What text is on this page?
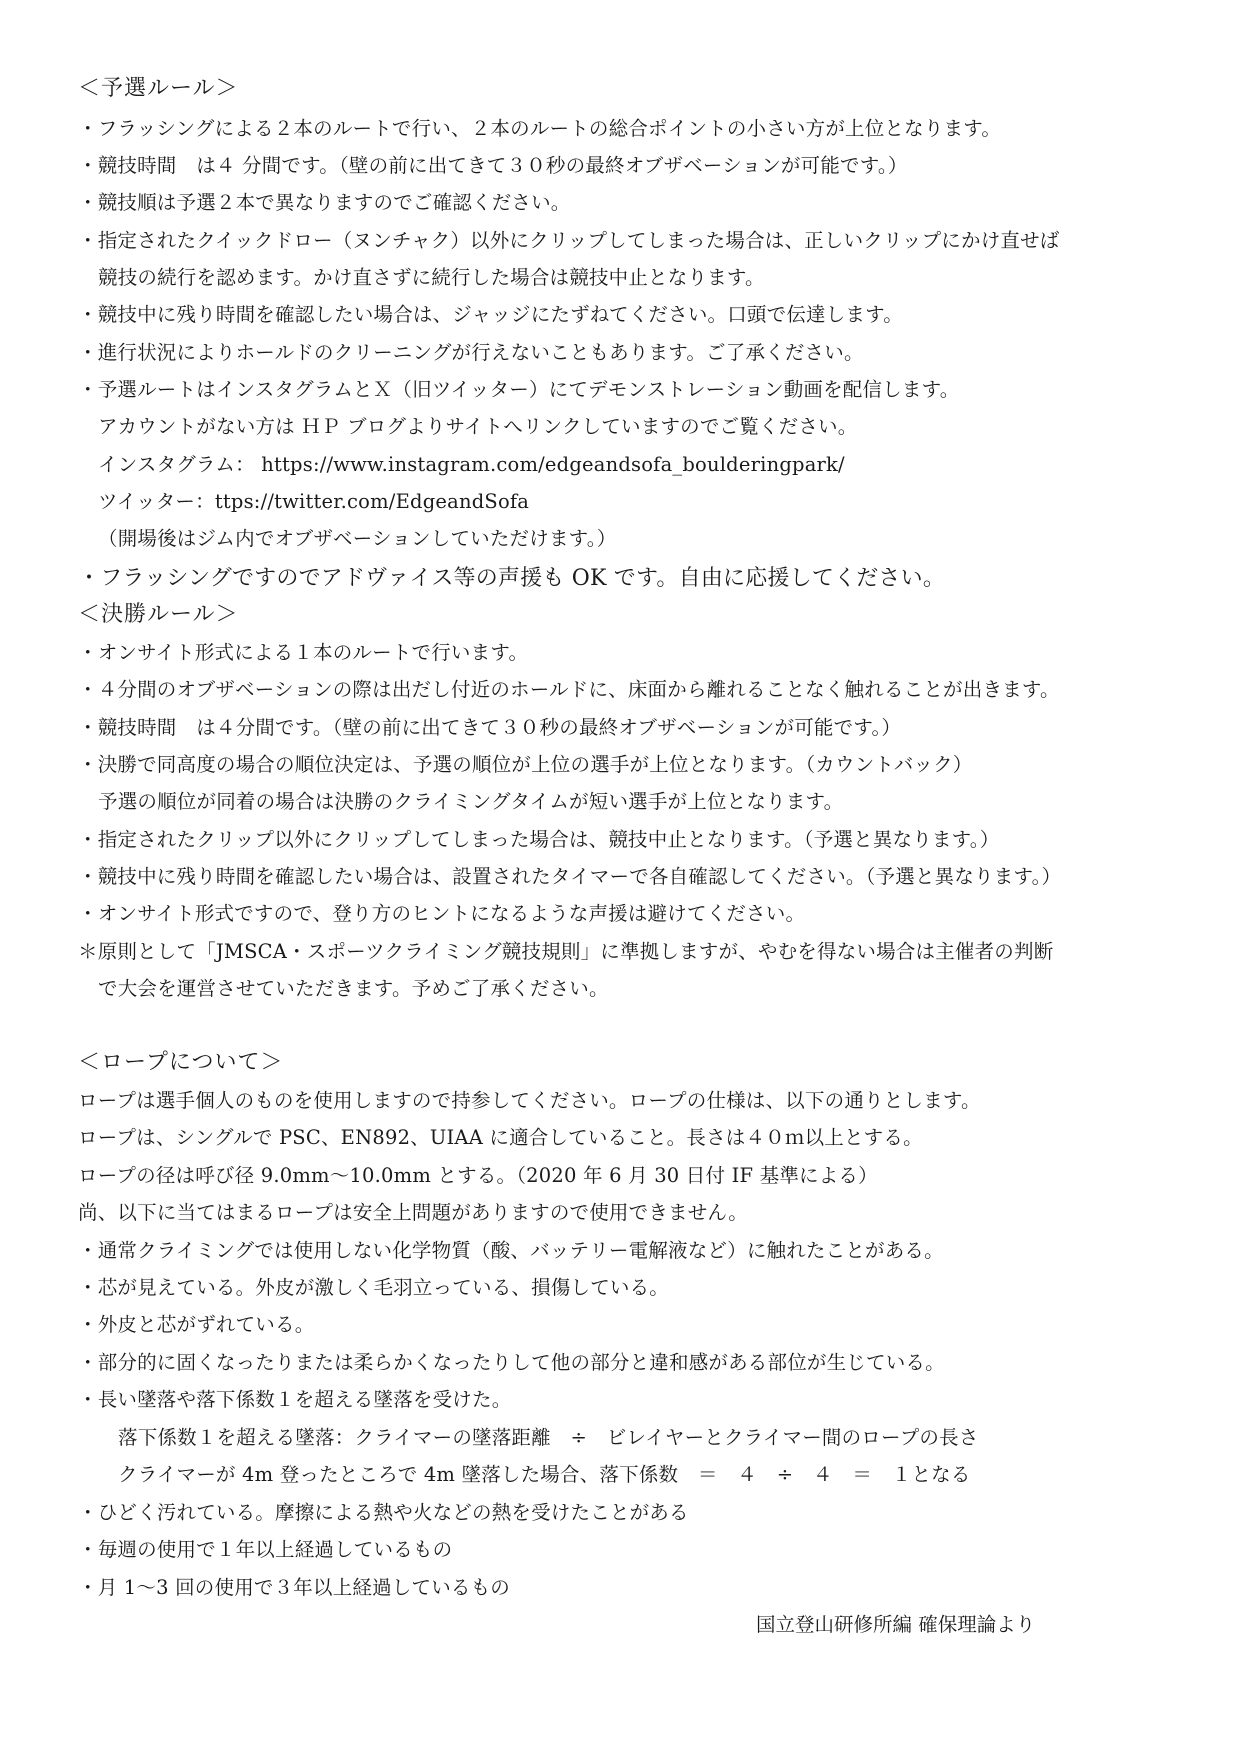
＜予選ルール＞
・フラッシングによる２本のルートで行い、２本のルートの総合ポイントの小さい方が上位となります。
・競技時間　は４ 分間です。（壁の前に出てきて３０秒の最終オブザベーションが可能です。）
・競技順は予選２本で異なりますのでご確認ください。
・指定されたクイックドロー（ヌンチャク）以外にクリップしてしまった場合は、正しいクリップにかけ直せば
競技の続行を認めます。かけ直さずに続行した場合は競技中止となります。
・競技中に残り時間を確認したい場合は、ジャッジにたずねてください。口頭で伝達します。
・進行状況によりホールドのクリーニングが行えないこともあります。ご了承ください。
・予選ルートはインスタグラムとＸ（旧ツイッター）にてデモンストレーション動画を配信します。
アカウントがない方は ＨＰ ブログよりサイトへリンクしていますのでご覧ください。
インスタグラム： https://www.instagram.com/edgeandsofa_boulderingpark/
ツイッター：ttps://twitter.com/EdgeandSofa
（開場後はジム内でオブザベーションしていただけます。）
・フラッシングですのでアドヴァイス等の声援も OK です。自由に応援してください。
＜決勝ルール＞
・オンサイト形式による１本のルートで行います。
・４分間のオブザベーションの際は出だし付近のホールドに、床面から離れることなく触れることが出きます。
・競技時間　は４分間です。（壁の前に出てきて３０秒の最終オブザベーションが可能です。）
・決勝で同高度の場合の順位決定は、予選の順位が上位の選手が上位となります。（カウントバック）
予選の順位が同着の場合は決勝のクライミングタイムが短い選手が上位となります。
・指定されたクリップ以外にクリップしてしまった場合は、競技中止となります。（予選と異なります。）
・競技中に残り時間を確認したい場合は、設置されたタイマーで各自確認してください。（予選と異なります。）
・オンサイト形式ですので、登り方のヒントになるような声援は避けてください。
＊原則として「JMSCA・スポーツクライミング競技規則」に準拠しますが、やむを得ない場合は主催者の判断
で大会を運営させていただきます。予めご了承ください。
＜ロープについて＞
ロープは選手個人のものを使用しますので持参してください。ロープの仕様は、以下の通りとします。
ロープは、シングルで PSC、EN892、UIAA に適合していること。長さは４０ｍ以上とする。
ロープの径は呼び径 9.0mm〜10.0mm とする。（2020 年 6 月 30 日付 IF 基準による）
尚、以下に当てはまるロープは安全上問題がありますので使用できません。
・通常クライミングでは使用しない化学物質（酸、バッテリー電解液など）に触れたことがある。
・芯が見えている。外皮が激しく毛羽立っている、損傷している。
・外皮と芯がずれている。
・部分的に固くなったりまたは柔らかくなったりして他の部分と違和感がある部位が生じている。
・長い墜落や落下係数１を超える墜落を受けた。
落下係数１を超える墜落：クライマーの墜落距離　÷　ビレイヤーとクライマー間のロープの長さ
クライマーが 4m 登ったところで 4m 墜落した場合、落下係数　＝　４　÷　４　＝　１となる
・ひどく汚れている。摩擦による熱や火などの熱を受けたことがある
・毎週の使用で１年以上経過しているもの
・月 1〜3 回の使用で３年以上経過しているもの
国立登山研修所編 確保理論より
